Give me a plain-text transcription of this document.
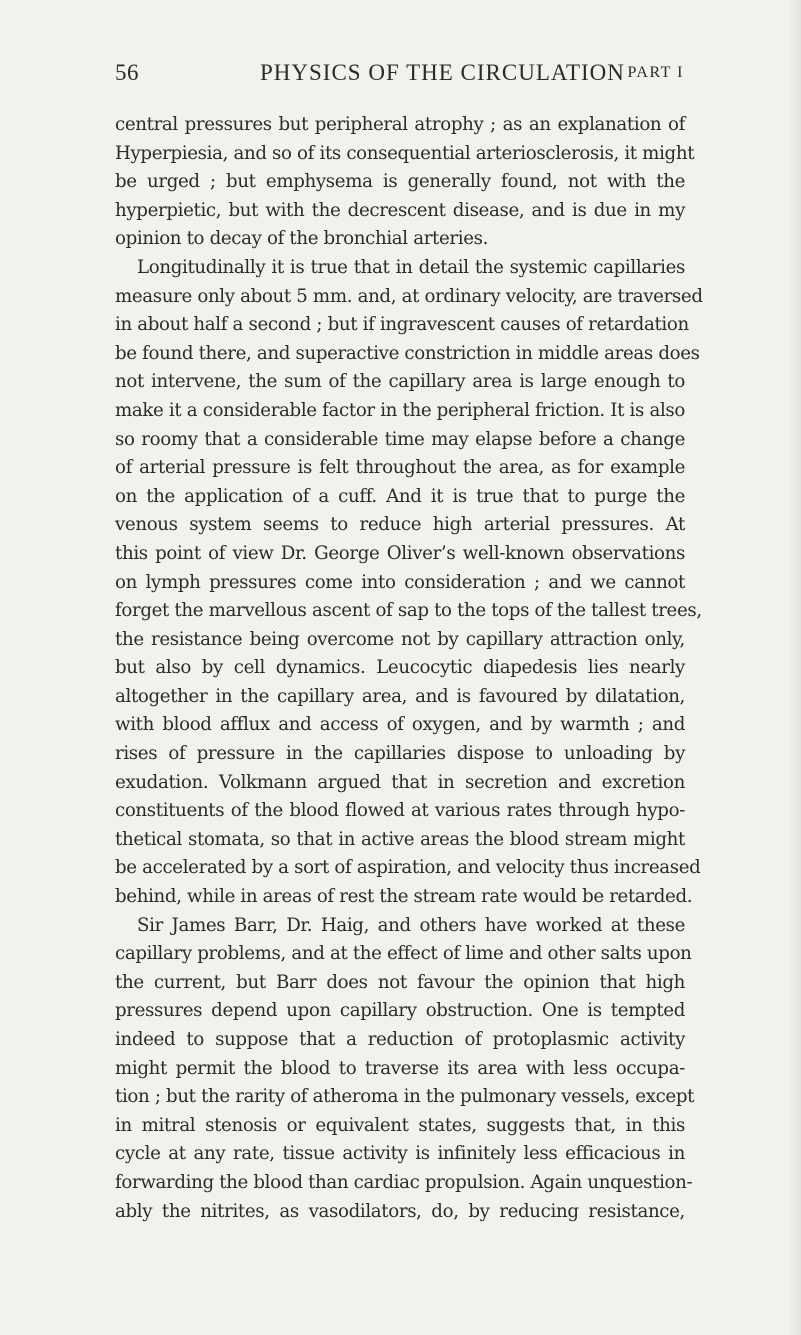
56	PHYSICS OF THE CIRCULATION PART I
central pressures but peripheral atrophy ; as an explanation of
Hyperpiesia, and so of its consequential arteriosclerosis, it might
be urged ; but emphysema is generally found, not with the
hyperpietic, but with the decrescent disease, and is due in my
opinion to decay of the bronchial arteries.
Longitudinally it is true that in detail the systemic capillaries
measure only about 5 mm. and, at ordinary velocity, are traversed
in about half a second ; but if ingravescent causes of retardation
be found there, and superactive constriction in middle areas does
not intervene, the sum of the capillary area is large enough to
make it a considerable factor in the peripheral friction. It is also
so roomy that a considerable time may elapse before a change
of arterial pressure is felt throughout the area, as for example
on the application of a cuff. And it is true that to purge the
venous system seems to reduce high arterial pressures. At
this point of view Dr. George Oliver’s well-known observations
on lymph pressures come into consideration ; and we cannot
forget the marvellous ascent of sap to the tops of the tallest trees,
the resistance being overcome not by capillary attraction only,
but also by cell dynamics. Leucocytic diapedesis lies nearly
altogether in the capillary area, and is favoured by dilatation,
with blood afflux and access of oxygen, and by warmth ; and
rises of pressure in the capillaries dispose to unloading by
exudation. Volkmann argued that in secretion and excretion
constituents of the blood flowed at various rates through hypo-
thetical stomata, so that in active areas the blood stream might
be accelerated by a sort of aspiration, and velocity thus increased
behind, while in areas of rest the stream rate would be retarded.
Sir James Barr, Dr. Haig, and others have worked at these
capillary problems, and at the effect of lime and other salts upon
the current, but Barr does not favour the opinion that high
pressures depend upon capillary obstruction. One is tempted
indeed to suppose that a reduction of protoplasmic activity
might permit the blood to traverse its area with less occupa-
tion ; but the rarity of atheroma in the pulmonary vessels, except
in mitral stenosis or equivalent states, suggests that, in this
cycle at any rate, tissue activity is infinitely less efficacious in
forwarding the blood than cardiac propulsion. Again unquestion-
ably the nitrites, as vasodilators, do, by reducing resistance,
